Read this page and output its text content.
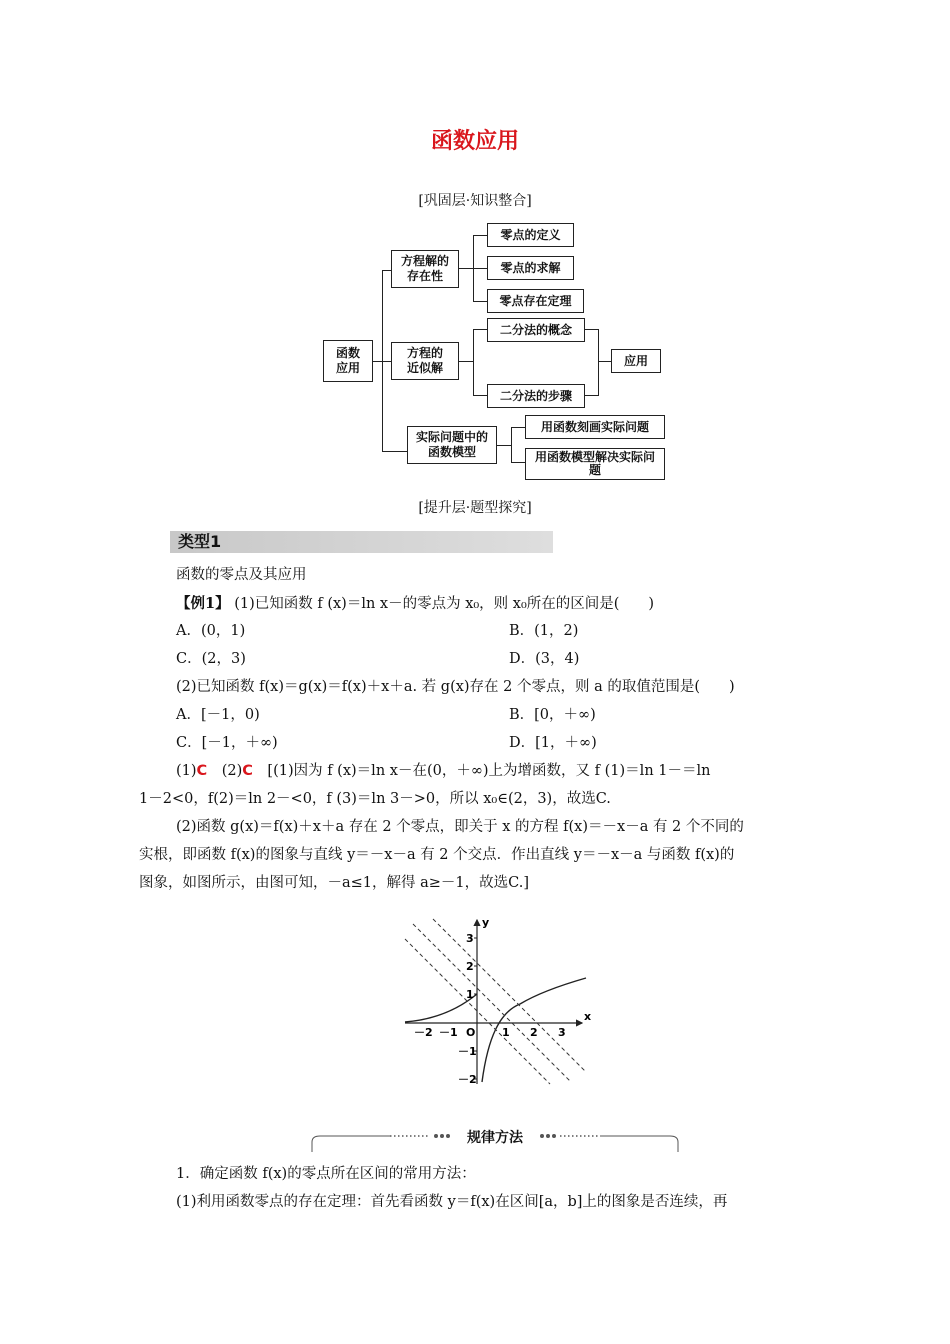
函数应用
[巩固层·知识整合]
函数应用
方程解的存在性
零点的定义
零点的求解
零点存在定理
方程的近似解
二分法的概念
二分法的步骤
应用
实际问题中的函数模型
用函数刻画实际问题
用函数模型解决实际问题
[提升层·题型探究]
类型1
函数的零点及其应用
【例1】 (1)已知函数 f (x)＝ln x－的零点为 x₀，则 x₀所在的区间是(　　)
A．(0，1)	B．(1，2)
C．(2，3)	D．(3，4)
(2)已知函数 f(x)＝g(x)＝f(x)＋x＋a. 若 g(x)存在 2 个零点，则 a 的取值范围是(　　)
A．[－1，0)	B．[0，＋∞)
C．[－1，＋∞)	D．[1，＋∞)
(1)C　 (2)C　 [(1)因为 f (x)＝ln x－在(0，＋∞)上为增函数，又 f (1)＝ln 1－＝ln
1－2<0，f(2)＝ln 2－<0，f (3)＝ln 3－>0，所以 x₀∈(2，3)，故选C.
(2)函数 g(x)＝f(x)＋x＋a 存在 2 个零点，即关于 x 的方程 f(x)＝－x－a 有 2 个不同的
实根，即函数 f(x)的图象与直线 y＝－x－a 有 2 个交点．作出直线 y＝－x－a 与函数 f(x)的
图象，如图所示，由图可知，－a≤1，解得 a≥－1，故选C.]
x
y
O
－2 －1	1 2 3
3
2
1
－1
－2
规律方法
1．确定函数 f(x)的零点所在区间的常用方法：
(1)利用函数零点的存在定理：首先看函数 y＝f(x)在区间[a，b]上的图象是否连续，再
